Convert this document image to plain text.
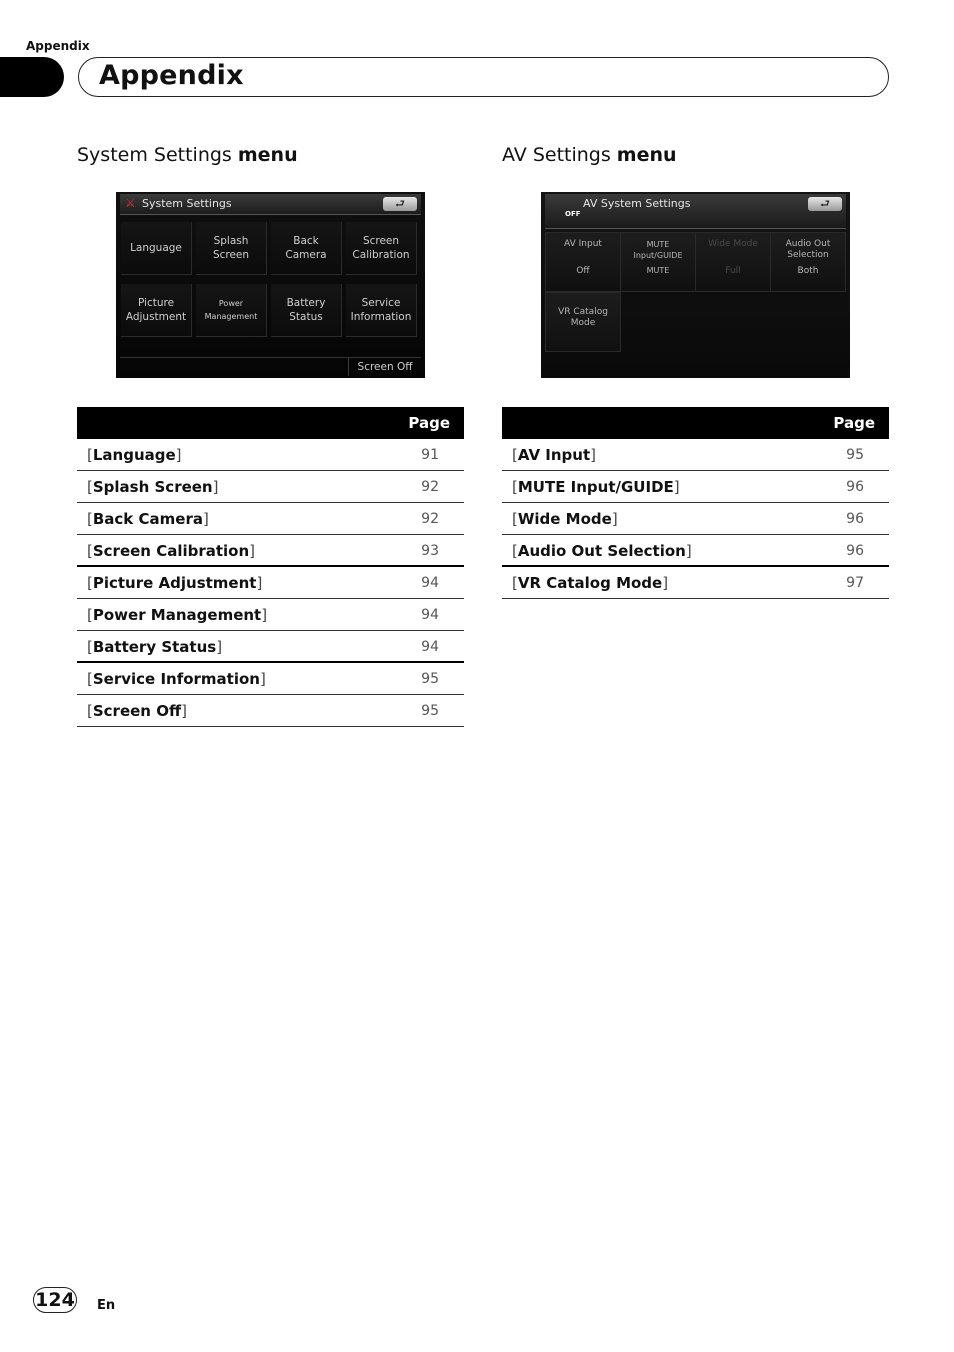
Appendix
Appendix
System Settings menu	AV Settings menu
⚔ System Settings	⮐
Language
Splash
Screen
Back
Camera
Screen
Calibration
Picture
Adjustment
Power
Management
Battery
Status
Service
Information
Screen Off
OFF
AV System Settings	⮐
AV Input
Off
MUTE Input/GUIDE
MUTE
Wide Mode
Full
Audio Out
Selection
Both
VR Catalog
Mode
Page
[Language]	91
[Splash Screen]	92
[Back Camera]	92
[Screen Calibration]	93
[Picture Adjustment]	94
[Power Management]	94
[Battery Status]	94
[Service Information]	95
[Screen Off]	95
Page
[AV Input]	95
[MUTE Input/GUIDE]	96
[Wide Mode]	96
[Audio Out Selection]	96
[VR Catalog Mode]	97
124 En
